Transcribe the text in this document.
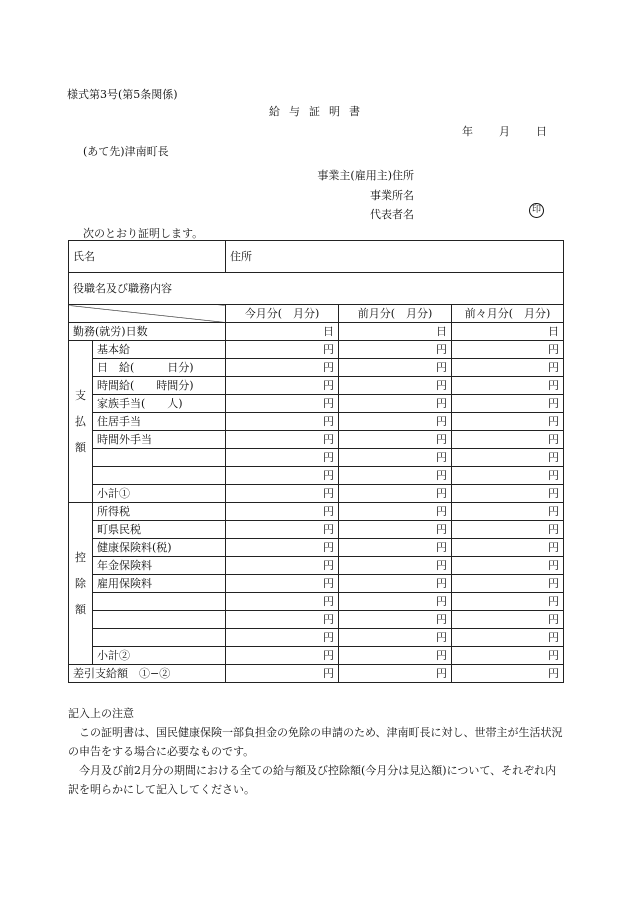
様式第3号(第5条関係)
給与証明書
年 月 日
(あて先)津南町長
事業主(雇用主)住所
事業所名
代表者名	印
次のとおり証明します。
氏名		住所		
役職名及び職務内容				
		今月分(　月分)	前月分(　月分)	前々月分(　月分)
勤務(就労)日数		日	日	日

支
払
額	基本給	円	円	円
	日　給(　　　日分)	円	円	円
	時間給(　　時間分)	円	円	円
	家族手当(　　人)	円	円	円
	住居手当	円	円	円
	時間外手当	円	円	円
		円	円	円
		円	円	円
	小計①	円	円	円

控
除
額	所得税	円	円	円
	町県民税	円	円	円
	健康保険料(税)	円	円	円
	年金保険料	円	円	円
	雇用保険料	円	円	円
		円	円	円
		円	円	円
		円	円	円
	小計②	円	円	円
差引支給額　①−②		円	円	円

記入上の注意

この証明書は、国民健康保険一部負担金の免除の申請のため、津南町長に対し、世帯主が生活状況の申告をする場合に必要なものです。

今月及び前2月分の期間における全ての給与額及び控除額(今月分は見込額)について、それぞれ内訳を明らかにして記入してください。
